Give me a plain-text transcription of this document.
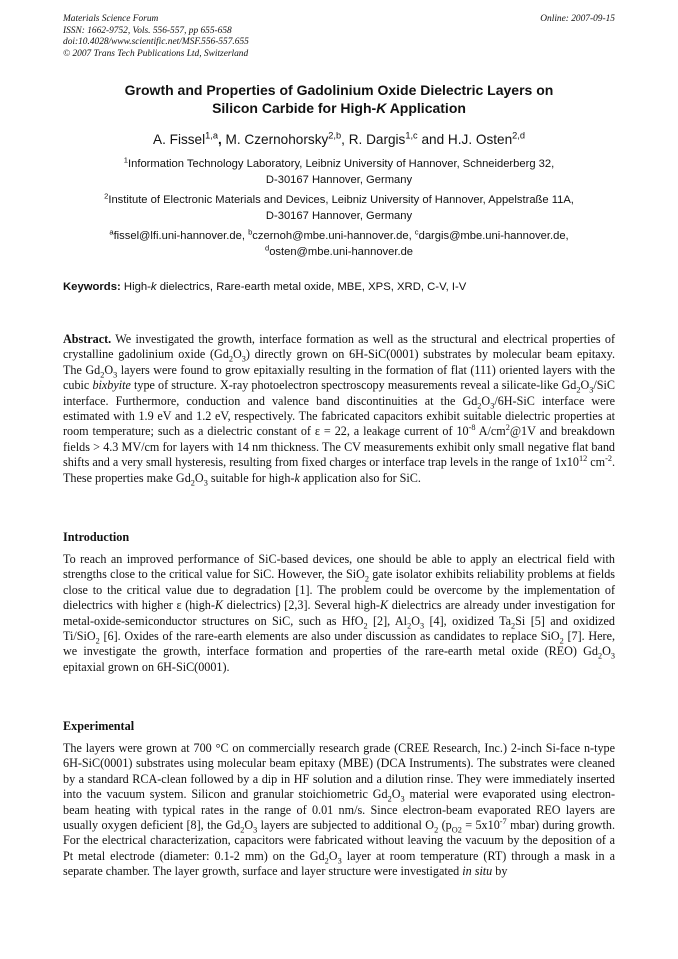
Materials Science Forum
ISSN: 1662-9752, Vols. 556-557, pp 655-658
doi:10.4028/www.scientific.net/MSF.556-557.655
© 2007 Trans Tech Publications Ltd, Switzerland
Online: 2007-09-15
Growth and Properties of Gadolinium Oxide Dielectric Layers on
Silicon Carbide for High-K Application
A. Fissel$^{1,a}$, M. Czernohorsky$^{2,b}$, R. Dargis$^{1,c}$ and H.J. Osten$^{2,d}$
$^1$Information Technology Laboratory, Leibniz University of Hannover, Schneiderberg 32,
D-30167 Hannover, Germany
$^2$Institute of Electronic Materials and Devices, Leibniz University of Hannover, Appelstraße 11A,
D-30167 Hannover, Germany
$^a$fissel@lfi.uni-hannover.de, $^b$czernoh@mbe.uni-hannover.de, $^c$dargis@mbe.uni-hannover.de,
$^d$osten@mbe.uni-hannover.de
Keywords: High-k dielectrics, Rare-earth metal oxide, MBE, XPS, XRD, C-V, I-V

Abstract. We investigated the growth, interface formation as well as the structural and electrical properties of crystalline gadolinium oxide $(Gd_2O_3)$ directly grown on 6H-SiC(0001) substrates by molecular beam epitaxy. The $Gd_2O_3$ layers were found to grow epitaxially resulting in the formation of flat (111) oriented layers with the cubic bixbyite type of structure. X-ray photoelectron spectroscopy measurements reveal a silicate-like $Gd_2O_3$/SiC interface. Furthermore, conduction and valence band discontinuities at the $Gd_2O_3/6H$-SiC interface were estimated with 1.9 eV and 1.2 eV, respectively. The fabricated capacitors exhibit suitable dielectric properties at room temperature; such as a dielectric constant of ε = 22, a leakage current of $10^{-8}$ $A/cm^2@1V$ and breakdown fields > 4.3 MV/cm for layers with 14 nm thickness. The CV measurements exhibit only small negative flat band shifts and a very small hysteresis, resulting from fixed charges or interface trap levels in the range of $1x10^{12}$ $cm^{-2}$. These properties make $Gd_2O_3$ suitable for high-k application also for SiC.

Introduction

To reach an improved performance of SiC-based devices, one should be able to apply an electrical field with strengths close to the critical value for SiC. However, the SiO$_2$ gate isolator exhibits reliability problems at fields close to the critical value due to degradation [1]. The problem could be overcome by the implementation of dielectrics with higher ε (high-K dielectrics) [2,3]. Several high-K dielectrics are already under investigation for metal-oxide-semiconductor structures on SiC, such as HfO$_2$ [2], $Al_2O_3$ [4], oxidized $Ta_2Si$ [5] and oxidized Ti/SiO$_2$ [6]. Oxides of the rare-earth elements are also under discussion as candidates to replace SiO$_2$ [7]. Here, we investigate the growth, interface formation and properties of the rare-earth metal oxide (REO) $Gd_2O_3$ epitaxial grown on 6H-SiC(0001).

Experimental

The layers were grown at 700 °C on commercially research grade (CREE Research, Inc.) 2-inch Si-face n-type 6H-SiC(0001) substrates using molecular beam epitaxy (MBE) (DCA Instruments). The substrates were cleaned by a standard RCA-clean followed by a dip in HF solution and a dilution rinse. They were immediately inserted into the vacuum system. Silicon and granular stoichiometric $Gd_2O_3$ material were evaporated using electron-beam heating with typical rates in the range of 0.01 nm/s. Since electron-beam evaporated REO layers are usually oxygen deficient [8], the $Gd_2O_3$ layers are subjected to additional $O_2$ ($p_{O2} = 5x10^{-7}$ mbar) during growth. For the electrical characterization, capacitors were fabricated without leaving the vacuum by the deposition of a Pt metal electrode (diameter: 0.1-2 mm) on the $Gd_2O_3$ layer at room temperature (RT) through a mask in a separate chamber. The layer growth, surface and layer structure were investigated in situ by
